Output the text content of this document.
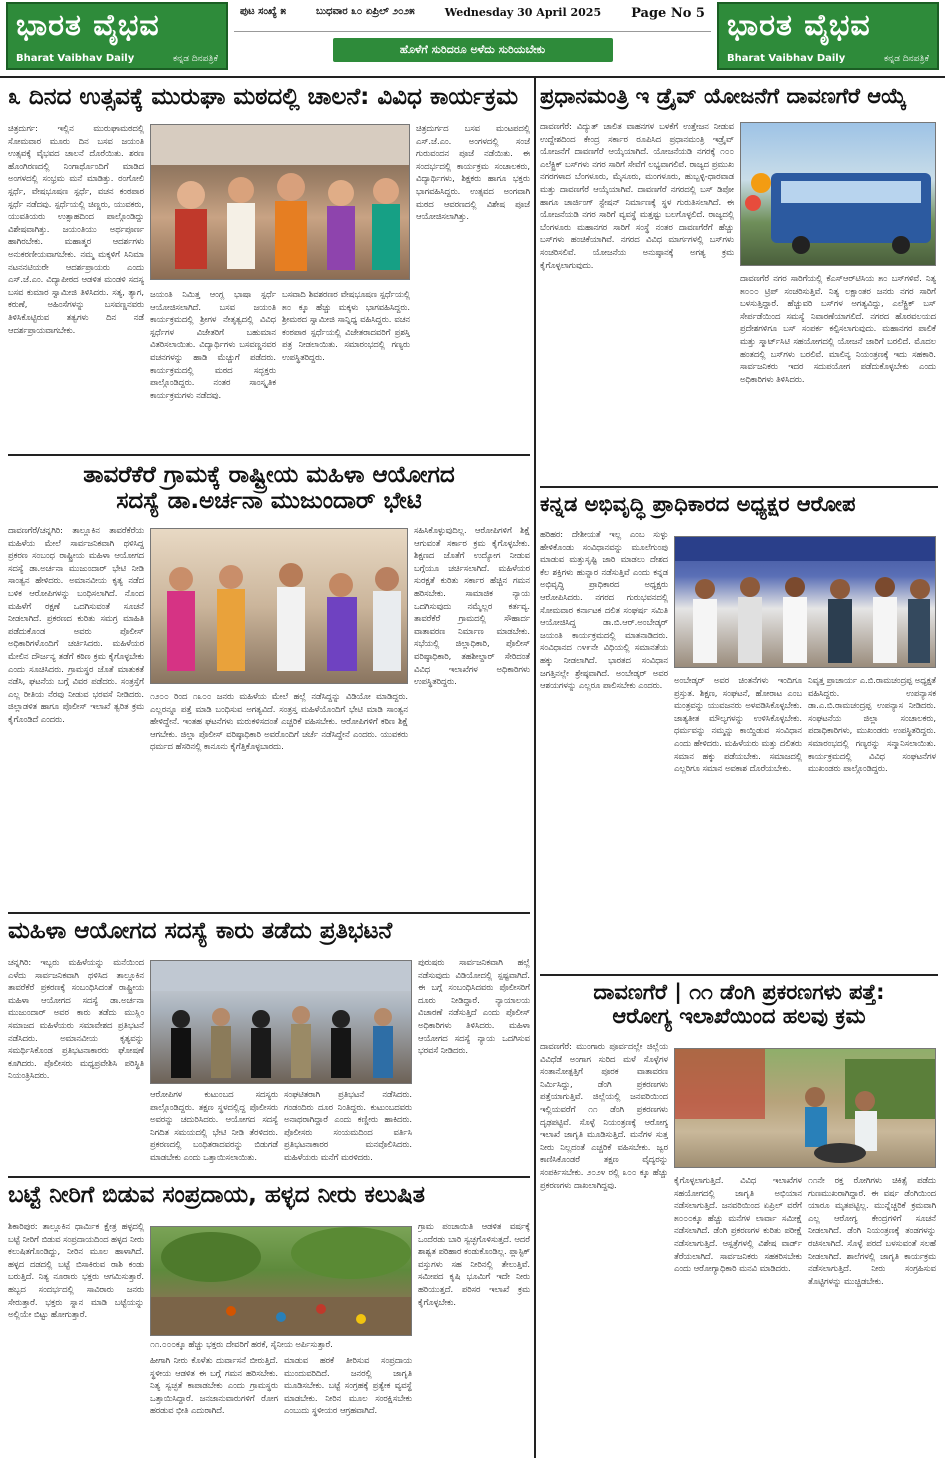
ಭಾರತ ವೈಭವ
Bharat Vaibhav Daily	ಕನ್ನಡ ದಿನಪತ್ರಿಕೆ
ಪುಟ ಸಂಖ್ಯೆ ೫	ಬುಧವಾರ ೩೦ ಏಪ್ರಿಲ್ ೨೦೨೫	Wednesday 30 April 2025 Page No 5
ಹೊಳೆಗೆ ಸುರಿದರೂ ಅಳೆದು ಸುರಿಯಬೇಕು
ಭಾರತ ವೈಭವ
Bharat Vaibhav Daily	ಕನ್ನಡ ದಿನಪತ್ರಿಕೆ
೩ ದಿನದ ಉತ್ಸವಕ್ಕೆ ಮುರುಘಾ ಮಠದಲ್ಲಿ ಚಾಲನೆ: ವಿವಿಧ ಕಾರ್ಯಕ್ರಮ
ಚಿತ್ರದುರ್ಗ: ಇಲ್ಲಿನ ಮುರುಘಾಮಠದಲ್ಲಿ ಸೋಮವಾರ ಮೂರು ದಿನ ಬಸವ ಜಯಂತಿ ಉತ್ಸವಕ್ಕೆ ವೈಭವದ ಚಾಲನೆ ದೊರೆಯಿತು. ಶರಣ ಹೊಂಗಿರಣದಲ್ಲಿ ನಿಂಗಾರ್ಥೊಂದಿಗೆ ಮಾಡಿದ ಅಂಗಳದಲ್ಲಿ ಸಂಭ್ರಮ ಮನೆ ಮಾಡಿತ್ತು. ರಂಗೋಲಿ ಸ್ಪರ್ಧೆ, ವೇಷಭೂಷಣ ಸ್ಪರ್ಧೆ, ವಚನ ಕಂಠಪಾಠ ಸ್ಪರ್ಧೆ ನಡೆದವು. ಸ್ಪರ್ಧೆಯಲ್ಲಿ ಚಿಣ್ಣರು, ಯುವಕರು, ಯುವತಿಯರು ಉತ್ಸಾಹದಿಂದ ಪಾಲ್ಗೊಂಡಿದ್ದು ವಿಶೇಷವಾಗಿತ್ತು. ಜಯಂತಿಯು ಅರ್ಥಪೂರ್ಣ ಹಾಗಿರಬೇಕು. ಮಹಾತ್ಮರ ಆದರ್ಶಗಳು ಅನುಕರಣೀಯವಾಗಬೇಕು. ನಮ್ಮ ಮಕ್ಕಳಿಗೆ ಸಿನಿಮಾ ನಟನನಟಿಯರೇ ಆದರ್ಶಪ್ರಾಯರು ಎಂದು ಎಸ್.ಜೆ.ಎಂ. ವಿದ್ಯಾಪೀಠದ ಆಡಳಿತ ಮಂಡಳಿ ಸದಸ್ಯ ಬಸವ ಕುಮಾರ ಸ್ವಾಮೀಜಿ ತಿಳಿಸಿದರು. ಸತ್ಯ, ತ್ಯಾಗ, ಕರುಣೆ, ಅಹಿಂಸೆಗಳನ್ನು ಬಸವಣ್ಣನವರು ತಿಳಿಸಿಕೊಟ್ಟಿರುವ ತತ್ವಗಳು ದಿನ ನಡೆ ಆದರ್ಶಪ್ರಾಯವಾಗಬೇಕು.
ಜಯಂತಿ ನಿಮಿತ್ತ ಆಂಗ್ಲ ಭಾಷಾ ಸ್ಪರ್ಧೆ ಆಯೋಜಿಸಲಾಗಿದೆ. ಬಸವ ಜಯಂತಿ ಕಾರ್ಯಕ್ರಮದಲ್ಲಿ ಶ್ರೀಗಳ ನೇತೃತ್ವದಲ್ಲಿ ವಿವಿಧ ಸ್ಪರ್ಧೆಗಳ ವಿಜೇತರಿಗೆ ಬಹುಮಾನ ವಿತರಿಸಲಾಯಿತು. ವಿದ್ಯಾರ್ಥಿಗಳು ಬಸವಣ್ಣನವರ ವಚನಗಳನ್ನು ಹಾಡಿ ಮೆಚ್ಚುಗೆ ಪಡೆದರು. ಕಾರ್ಯಕ್ರಮದಲ್ಲಿ ಮಠದ ಸದ್ಭಕ್ತರು ಪಾಲ್ಗೊಂಡಿದ್ದರು. ನಂತರ ಸಾಂಸ್ಕೃತಿಕ ಕಾರ್ಯಕ್ರಮಗಳು ನಡೆದವು.
ಬಸವಾದಿ ಶಿವಶರಣರ ವೇಷಭೂಷಣ ಸ್ಪರ್ಧೆಯಲ್ಲಿ ೫೦ ಕ್ಕೂ ಹೆಚ್ಚು ಮಕ್ಕಳು ಭಾಗವಹಿಸಿದ್ದರು. ಶ್ರೀಮಠದ ಸ್ವಾಮೀಜಿ ಸಾನ್ನಿಧ್ಯ ವಹಿಸಿದ್ದರು. ವಚನ ಕಂಠಪಾಠ ಸ್ಪರ್ಧೆಯಲ್ಲಿ ವಿಜೇತರಾದವರಿಗೆ ಪ್ರಶಸ್ತಿ ಪತ್ರ ನೀಡಲಾಯಿತು. ಸಮಾರಂಭದಲ್ಲಿ ಗಣ್ಯರು ಉಪಸ್ಥಿತರಿದ್ದರು.
ಚಿತ್ರದುರ್ಗದ ಬಸವ ಮಂಟಪದಲ್ಲಿ ಎಸ್.ಜೆ.ಎಂ. ಅಂಗಳದಲ್ಲಿ ಸಂಜೆ ಗುರುವಂದನ ಪೂಜೆ ನಡೆಯಿತು. ಈ ಸಂದರ್ಭದಲ್ಲಿ ಕಾರ್ಯಕ್ರಮ ಸಂಚಾಲಕರು, ವಿದ್ಯಾರ್ಥಿಗಳು, ಶಿಕ್ಷಕರು ಹಾಗೂ ಭಕ್ತರು ಭಾಗವಹಿಸಿದ್ದರು. ಉತ್ಸವದ ಅಂಗವಾಗಿ ಮಠದ ಆವರಣದಲ್ಲಿ ವಿಶೇಷ ಪೂಜೆ ಆಯೋಜಿಸಲಾಗಿತ್ತು.
ಪ್ರಧಾನಮಂತ್ರಿ ಇ ಡ್ರೈವ್ ಯೋಜನೆಗೆ ದಾವಣಗೆರೆ ಆಯ್ಕೆ
ದಾವಣಗೆರೆ: ವಿದ್ಯುತ್ ಚಾಲಿತ ವಾಹನಗಳ ಬಳಕೆಗೆ ಉತ್ತೇಜನ ನೀಡುವ ಉದ್ದೇಶದಿಂದ ಕೇಂದ್ರ ಸರ್ಕಾರ ರೂಪಿಸಿದ ಪ್ರಧಾನಮಂತ್ರಿ ಇಡ್ರೈವ್ ಯೋಜನೆಗೆ ದಾವಣಗೆರೆ ಆಯ್ಕೆಯಾಗಿದೆ. ಯೋಜನೆಯಡಿ ನಗರಕ್ಕೆ ೧೦೦ ಎಲೆಕ್ಟ್ರಿಕ್ ಬಸ್‌ಗಳು ನಗರ ಸಾರಿಗೆ ಸೇವೆಗೆ ಲಭ್ಯವಾಗಲಿವೆ. ರಾಜ್ಯದ ಪ್ರಮುಖ ನಗರಗಳಾದ ಬೆಂಗಳೂರು, ಮೈಸೂರು, ಮಂಗಳೂರು, ಹುಬ್ಬಳ್ಳಿ-ಧಾರವಾಡ ಮತ್ತು ದಾವಣಗೆರೆ ಆಯ್ಕೆಯಾಗಿವೆ. ದಾವಣಗೆರೆ ನಗರದಲ್ಲಿ ಬಸ್ ಡಿಪೋ ಹಾಗೂ ಚಾರ್ಜಿಂಗ್ ಸ್ಟೇಷನ್ ನಿರ್ಮಾಣಕ್ಕೆ ಸ್ಥಳ ಗುರುತಿಸಲಾಗಿದೆ. ಈ ಯೋಜನೆಯಡಿ ನಗರ ಸಾರಿಗೆ ವ್ಯವಸ್ಥೆ ಮತ್ತಷ್ಟು ಬಲಗೊಳ್ಳಲಿದೆ. ರಾಜ್ಯದಲ್ಲಿ ಬೆಂಗಳೂರು ಮಹಾನಗರ ಸಾರಿಗೆ ಸಂಸ್ಥೆ ನಂತರ ದಾವಣಗೆರೆಗೆ ಹೆಚ್ಚು ಬಸ್‌ಗಳು ಹಂಚಿಕೆಯಾಗಿವೆ. ನಗರದ ವಿವಿಧ ಮಾರ್ಗಗಳಲ್ಲಿ ಬಸ್‌ಗಳು ಸಂಚರಿಸಲಿವೆ. ಯೋಜನೆಯ ಅನುಷ್ಠಾನಕ್ಕೆ ಅಗತ್ಯ ಕ್ರಮ ಕೈಗೊಳ್ಳಲಾಗುವುದು.
ದಾವಣಗೆರೆ ನಗರ ಸಾರಿಗೆಯಲ್ಲಿ ಕೆಎಸ್‌ಆರ್‌ಟಿಸಿಯ ೫೦ ಬಸ್‌ಗಳಿವೆ. ನಿತ್ಯ ೫೦೦೦ ಟ್ರಿಪ್ ಸಂಚರಿಸುತ್ತಿವೆ. ನಿತ್ಯ ಲಕ್ಷಾಂತರ ಜನರು ನಗರ ಸಾರಿಗೆ ಬಳಸುತ್ತಿದ್ದಾರೆ. ಹೆಚ್ಚುವರಿ ಬಸ್‌ಗಳ ಅಗತ್ಯವಿದ್ದು, ಎಲೆಕ್ಟ್ರಿಕ್ ಬಸ್ ಸೇರ್ಪಡೆಯಿಂದ ಸಮಸ್ಯೆ ನಿವಾರಣೆಯಾಗಲಿದೆ. ನಗರದ ಹೊರವಲಯದ ಪ್ರದೇಶಗಳಿಗೂ ಬಸ್ ಸಂಪರ್ಕ ಕಲ್ಪಿಸಲಾಗುವುದು. ಮಹಾನಗರ ಪಾಲಿಕೆ ಮತ್ತು ಸ್ಮಾರ್ಟ್‌ಸಿಟಿ ಸಹಯೋಗದಲ್ಲಿ ಯೋಜನೆ ಜಾರಿಗೆ ಬರಲಿದೆ. ಮೊದಲ ಹಂತದಲ್ಲಿ ಬಸ್‌ಗಳು ಬರಲಿವೆ. ಮಾಲಿನ್ಯ ನಿಯಂತ್ರಣಕ್ಕೆ ಇದು ಸಹಕಾರಿ. ಸಾರ್ವಜನಿಕರು ಇದರ ಸದುಪಯೋಗ ಪಡೆದುಕೊಳ್ಳಬೇಕು ಎಂದು ಅಧಿಕಾರಿಗಳು ತಿಳಿಸಿದರು.
ತಾವರೆಕೆರೆ ಗ್ರಾಮಕ್ಕೆ ರಾಷ್ಟ್ರೀಯ ಮಹಿಳಾ ಆಯೋಗದ
ಸದಸ್ಯೆ ಡಾ.ಅರ್ಚನಾ ಮುಜುಂದಾರ್ ಭೇಟಿ
ದಾವಣಗೆರೆ/ಚನ್ನಗಿರಿ: ತಾಲ್ಲೂಕಿನ ತಾವರೆಕೆರೆಯ ಮಹಿಳೆಯ ಮೇಲೆ ಸಾರ್ವಜನಿಕವಾಗಿ ಥಳಿಸಿದ್ದ ಪ್ರಕರಣ ಸಂಬಂಧ ರಾಷ್ಟ್ರೀಯ ಮಹಿಳಾ ಆಯೋಗದ ಸದಸ್ಯೆ ಡಾ.ಅರ್ಚನಾ ಮುಜುಂದಾರ್ ಭೇಟಿ ನೀಡಿ ಸಾಂತ್ವನ ಹೇಳಿದರು. ಅಮಾನವೀಯ ಕೃತ್ಯ ನಡೆದ ಬಳಿಕ ಆರೋಪಿಗಳನ್ನು ಬಂಧಿಸಲಾಗಿದೆ. ನೊಂದ ಮಹಿಳೆಗೆ ರಕ್ಷಣೆ ಒದಗಿಸುವಂತೆ ಸೂಚನೆ ನೀಡಲಾಗಿದೆ. ಪ್ರಕರಣದ ಕುರಿತು ಸಮಗ್ರ ಮಾಹಿತಿ ಪಡೆದುಕೊಂಡ ಅವರು ಪೊಲೀಸ್ ಅಧಿಕಾರಿಗಳೊಂದಿಗೆ ಚರ್ಚಿಸಿದರು. ಮಹಿಳೆಯರ ಮೇಲಿನ ದೌರ್ಜನ್ಯ ತಡೆಗೆ ಕಠಿಣ ಕ್ರಮ ಕೈಗೊಳ್ಳಬೇಕು ಎಂದು ಸೂಚಿಸಿದರು. ಗ್ರಾಮಸ್ಥರ ಜೊತೆ ಮಾತುಕತೆ ನಡೆಸಿ, ಘಟನೆಯ ಬಗ್ಗೆ ವಿವರ ಪಡೆದರು. ಸಂತ್ರಸ್ತೆಗೆ ಎಲ್ಲ ರೀತಿಯ ನೆರವು ನೀಡುವ ಭರವಸೆ ನೀಡಿದರು. ಜಿಲ್ಲಾಡಳಿತ ಹಾಗೂ ಪೊಲೀಸ್ ಇಲಾಖೆ ತ್ವರಿತ ಕ್ರಮ ಕೈಗೊಂಡಿದೆ ಎಂದರು.
೧೨೦೦ ರಿಂದ ೧೩೦೦ ಜನರು ಮಹಿಳೆಯ ಮೇಲೆ ಹಲ್ಲೆ ನಡೆಸಿದ್ದನ್ನು ವಿಡಿಯೋ ಮಾಡಿದ್ದರು. ಎಲ್ಲರನ್ನೂ ಪತ್ತೆ ಮಾಡಿ ಬಂಧಿಸುವ ಅಗತ್ಯವಿದೆ. ಸಂತ್ರಸ್ತ ಮಹಿಳೆಯೊಂದಿಗೆ ಭೇಟಿ ಮಾಡಿ ಸಾಂತ್ವನ ಹೇಳಿದ್ದೇನೆ. ಇಂತಹ ಘಟನೆಗಳು ಮರುಕಳಿಸದಂತೆ ಎಚ್ಚರಿಕೆ ವಹಿಸಬೇಕು. ಆರೋಪಿಗಳಿಗೆ ಕಠಿಣ ಶಿಕ್ಷೆ ಆಗಬೇಕು. ಜಿಲ್ಲಾ ಪೊಲೀಸ್ ವರಿಷ್ಠಾಧಿಕಾರಿ ಅವರೊಂದಿಗೆ ಚರ್ಚೆ ನಡೆಸಿದ್ದೇನೆ ಎಂದರು. ಯುವಕರು ಧರ್ಮದ ಹೆಸರಿನಲ್ಲಿ ಕಾನೂನು ಕೈಗೆತ್ತಿಕೊಳ್ಳಬಾರದು.
ಸಹಿಸಿಕೊಳ್ಳುವುದಿಲ್ಲ. ಆರೋಪಿಗಳಿಗೆ ಶಿಕ್ಷೆ ಆಗುವಂತೆ ಸರ್ಕಾರ ಕ್ರಮ ಕೈಗೊಳ್ಳಬೇಕು. ಶಿಕ್ಷಣದ ಜೊತೆಗೆ ಉದ್ಯೋಗ ನೀಡುವ ಬಗ್ಗೆಯೂ ಚರ್ಚಿಸಲಾಗಿದೆ. ಮಹಿಳೆಯರ ಸುರಕ್ಷತೆ ಕುರಿತು ಸರ್ಕಾರ ಹೆಚ್ಚಿನ ಗಮನ ಹರಿಸಬೇಕು. ಸಾಮಾಜಿಕ ನ್ಯಾಯ ಒದಗಿಸುವುದು ನಮ್ಮೆಲ್ಲರ ಕರ್ತವ್ಯ. ತಾವರೆಕೆರೆ ಗ್ರಾಮದಲ್ಲಿ ಸೌಹಾರ್ದ ವಾತಾವರಣ ನಿರ್ಮಾಣ ಮಾಡಬೇಕು. ಸಭೆಯಲ್ಲಿ ಜಿಲ್ಲಾಧಿಕಾರಿ, ಪೊಲೀಸ್ ವರಿಷ್ಠಾಧಿಕಾರಿ, ತಹಶೀಲ್ದಾರ್ ಸೇರಿದಂತೆ ವಿವಿಧ ಇಲಾಖೆಗಳ ಅಧಿಕಾರಿಗಳು ಉಪಸ್ಥಿತರಿದ್ದರು.
ಕನ್ನಡ ಅಭಿವೃದ್ಧಿ ಪ್ರಾಧಿಕಾರದ ಅಧ್ಯಕ್ಷರ ಆರೋಪ
ಹರಿಹರ: ದೇಶೀಯತೆ ಇಲ್ಲ ಎಂಬ ಸುಳ್ಳು ಹೇಳಿಕೊಂಡು ಸಂವಿಧಾನವನ್ನು ಮೂಲೆಗುಂಪು ಮಾಡುವ ಮತ್ತುಸೃಷ್ಟಿ ಜಾರಿ ಮಾಡಲು ದೇಶದ ಕೆಲ ಶಕ್ತಿಗಳು ಹುನ್ನಾರ ನಡೆಸುತ್ತಿವೆ ಎಂದು ಕನ್ನಡ ಅಭಿವೃದ್ಧಿ ಪ್ರಾಧಿಕಾರದ ಅಧ್ಯಕ್ಷರು ಆರೋಪಿಸಿದರು. ನಗರದ ಗುರುಭವನದಲ್ಲಿ ಸೋಮವಾರ ಕರ್ನಾಟಕ ದಲಿತ ಸಂಘರ್ಷ ಸಮಿತಿ ಆಯೋಜಿಸಿದ್ದ ಡಾ.ಬಿ.ಆರ್.ಅಂಬೇಡ್ಕರ್ ಜಯಂತಿ ಕಾರ್ಯಕ್ರಮದಲ್ಲಿ ಮಾತನಾಡಿದರು. ಸಂವಿಧಾನದ ೧೪೯ನೇ ವಿಧಿಯಲ್ಲಿ ಸಮಾನತೆಯ ಹಕ್ಕು ನೀಡಲಾಗಿದೆ. ಭಾರತದ ಸಂವಿಧಾನ ಜಗತ್ತಿನಲ್ಲೇ ಶ್ರೇಷ್ಠವಾಗಿದೆ. ಅಂಬೇಡ್ಕರ್ ಅವರ ಆಶಯಗಳನ್ನು ಎಲ್ಲರೂ ಪಾಲಿಸಬೇಕು ಎಂದರು.
ಅಂಬೇಡ್ಕರ್ ಅವರ ಚಿಂತನೆಗಳು ಇಂದಿಗೂ ಪ್ರಸ್ತುತ. ಶಿಕ್ಷಣ, ಸಂಘಟನೆ, ಹೋರಾಟ ಎಂಬ ಮಂತ್ರವನ್ನು ಯುವಜನರು ಅಳವಡಿಸಿಕೊಳ್ಳಬೇಕು. ಜಾತ್ಯತೀತ ಮೌಲ್ಯಗಳನ್ನು ಉಳಿಸಿಕೊಳ್ಳಬೇಕು. ಧರ್ಮವನ್ನು ನಮ್ಮನ್ನು ಕಾಯ್ದಿಡುವ ಸಂವಿಧಾನ ಎಂದು ಹೇಳಿದರು. ಮಹಿಳೆಯರು ಮತ್ತು ದಲಿತರು ಸಮಾನ ಹಕ್ಕು ಪಡೆಯಬೇಕು. ಸಮಾಜದಲ್ಲಿ ಎಲ್ಲರಿಗೂ ಸಮಾನ ಅವಕಾಶ ದೊರೆಯಬೇಕು.
ನಿವೃತ್ತ ಪ್ರಾಚಾರ್ಯ ಎ.ಬಿ.ರಾಮಚಂದ್ರಪ್ಪ ಅಧ್ಯಕ್ಷತೆ ವಹಿಸಿದ್ದರು. ಉಪನ್ಯಾಸಕ ಡಾ.ಎ.ಬಿ.ರಾಮಚಂದ್ರಪ್ಪ ಉಪನ್ಯಾಸ ನೀಡಿದರು. ಸಂಘಟನೆಯ ಜಿಲ್ಲಾ ಸಂಚಾಲಕರು, ಪದಾಧಿಕಾರಿಗಳು, ಮುಖಂಡರು ಉಪಸ್ಥಿತರಿದ್ದರು. ಸಮಾರಂಭದಲ್ಲಿ ಗಣ್ಯರನ್ನು ಸನ್ಮಾನಿಸಲಾಯಿತು. ಕಾರ್ಯಕ್ರಮದಲ್ಲಿ ವಿವಿಧ ಸಂಘಟನೆಗಳ ಮುಖಂಡರು ಪಾಲ್ಗೊಂಡಿದ್ದರು.
ಮಹಿಳಾ ಆಯೋಗದ ಸದಸ್ಯೆ ಕಾರು ತಡೆದು ಪ್ರತಿಭಟನೆ
ಚನ್ನಗಿರಿ: ಇಬ್ಬರು ಮಹಿಳೆಯನ್ನು ಮನೆಯಿಂದ ಎಳೆದು ಸಾರ್ವಜನಿಕವಾಗಿ ಥಳಿಸಿದ ತಾಲ್ಲೂಕಿನ ತಾವರೆಕೆರೆ ಪ್ರಕರಣಕ್ಕೆ ಸಂಬಂಧಿಸಿದಂತೆ ರಾಷ್ಟ್ರೀಯ ಮಹಿಳಾ ಆಯೋಗದ ಸದಸ್ಯೆ ಡಾ.ಅರ್ಚನಾ ಮುಜುಂದಾರ್ ಅವರ ಕಾರು ತಡೆದು ಮುಸ್ಲಿಂ ಸಮಾಜದ ಮಹಿಳೆಯರು ಸಮಾವೇಶದ ಪ್ರತಿಭಟನೆ ನಡೆಸಿದರು. ಅಮಾನವೀಯ ಕೃತ್ಯವನ್ನು ಸಮರ್ಥಿಸಿಕೊಂಡ ಪ್ರತಿಭಟನಾಕಾರರು ಘೋಷಣೆ ಕೂಗಿದರು. ಪೊಲೀಸರು ಮಧ್ಯಪ್ರವೇಶಿಸಿ ಪರಿಸ್ಥಿತಿ ನಿಯಂತ್ರಿಸಿದರು.
ಆರೋಪಿಗಳ ಕುಟುಂಬದ ಸದಸ್ಯರು ಪಾಲ್ಗೊಂಡಿದ್ದರು. ತಕ್ಷಣ ಸ್ಥಳದಲ್ಲಿದ್ದ ಪೊಲೀಸರು ಅವರನ್ನು ಚದುರಿಸಿದರು. ಆಯೋಗದ ಸದಸ್ಯೆ ನಿಗದಿತ ಸಮಯದಲ್ಲಿ ಭೇಟಿ ನೀಡಿ ತೆರಳಿದರು. ಪ್ರಕರಣದಲ್ಲಿ ಬಂಧಿತರಾದವರನ್ನು ಬಿಡುಗಡೆ ಮಾಡಬೇಕು ಎಂದು ಒತ್ತಾಯಿಸಲಾಯಿತು.
ಸಂಘಟಿತರಾಗಿ ಪ್ರತಿಭಟನೆ ನಡೆಸಿದರು. ಗಂಡಂದಿರು ದೂರ ನಿಂತಿದ್ದರು. ಕುಟುಂಬದವರು ಅನಾಥರಾಗಿದ್ದಾರೆ ಎಂದು ಕಣ್ಣೀರು ಹಾಕಿದರು. ಪೊಲೀಸರು ಸಂಯಮದಿಂದ ವರ್ತಿಸಿ ಪ್ರತಿಭಟನಾಕಾರರ ಮನವೊಲಿಸಿದರು. ಮಹಿಳೆಯರು ಮನೆಗೆ ಮರಳಿದರು.
ಪುರುಷರು ಸಾರ್ವಜನಿಕವಾಗಿ ಹಲ್ಲೆ ನಡೆಸುವುದು ವಿಡಿಯೋದಲ್ಲಿ ಸ್ಪಷ್ಟವಾಗಿದೆ. ಈ ಬಗ್ಗೆ ಸಂಬಂಧಿಸಿದವರು ಪೊಲೀಸರಿಗೆ ದೂರು ನೀಡಿದ್ದಾರೆ. ನ್ಯಾಯಾಲಯ ವಿಚಾರಣೆ ನಡೆಸುತ್ತಿದೆ ಎಂದು ಪೊಲೀಸ್ ಅಧಿಕಾರಿಗಳು ತಿಳಿಸಿದರು. ಮಹಿಳಾ ಆಯೋಗದ ಸದಸ್ಯೆ ನ್ಯಾಯ ಒದಗಿಸುವ ಭರವಸೆ ನೀಡಿದರು.
ದಾವಣಗೆರೆ | ೧೧ ಡೆಂಗಿ ಪ್ರಕರಣಗಳು ಪತ್ತೆ:
ಆರೋಗ್ಯ ಇಲಾಖೆಯಿಂದ ಹಲವು ಕ್ರಮ
ದಾವಣಗೆರೆ: ಮುಂಗಾರು ಪೂರ್ವದಲ್ಲೇ ಜಿಲ್ಲೆಯ ವಿವಿಧೆಡೆ ಅಂಗಾಗ ಸುರಿದ ಮಳೆ ಸೊಳ್ಳೆಗಳ ಸಂತಾನೋತ್ಪತ್ತಿಗೆ ಪೂರಕ ವಾತಾವರಣ ನಿರ್ಮಿಸಿದ್ದು, ಡೆಂಗಿ ಪ್ರಕರಣಗಳು ಪತ್ತೆಯಾಗುತ್ತಿವೆ. ಜಿಲ್ಲೆಯಲ್ಲಿ ಜನವರಿಯಿಂದ ಇಲ್ಲಿಯವರೆಗೆ ೧೧ ಡೆಂಗಿ ಪ್ರಕರಣಗಳು ದೃಢಪಟ್ಟಿವೆ. ಸೊಳ್ಳೆ ನಿಯಂತ್ರಣಕ್ಕೆ ಆರೋಗ್ಯ ಇಲಾಖೆ ಜಾಗೃತಿ ಮೂಡಿಸುತ್ತಿದೆ. ಮನೆಗಳ ಸುತ್ತ ನೀರು ನಿಲ್ಲದಂತೆ ಎಚ್ಚರಿಕೆ ವಹಿಸಬೇಕು. ಜ್ವರ ಕಾಣಿಸಿಕೊಂಡರೆ ತಕ್ಷಣ ವೈದ್ಯರನ್ನು ಸಂಪರ್ಕಿಸಬೇಕು. ೨೦೨೪ ರಲ್ಲಿ ೩೦೦ ಕ್ಕೂ ಹೆಚ್ಚು ಪ್ರಕರಣಗಳು ದಾಖಲಾಗಿದ್ದವು.	ಕೈಗೊಳ್ಳಲಾಗುತ್ತಿದೆ. ವಿವಿಧ ಇಲಾಖೆಗಳ ಸಹಯೋಗದಲ್ಲಿ ಜಾಗೃತಿ ಅಭಿಯಾನ ನಡೆಸಲಾಗುತ್ತಿದೆ. ಜನವರಿಯಿಂದ ಏಪ್ರಿಲ್ ವರೆಗೆ ೫೦೦೦ಕ್ಕೂ ಹೆಚ್ಚು ಮನೆಗಳ ಲಾರ್ವಾ ಸಮೀಕ್ಷೆ ನಡೆಸಲಾಗಿದೆ. ಡೆಂಗಿ ಪ್ರಕರಣಗಳ ಕುರಿತು ಪರೀಕ್ಷೆ ನಡೆಸಲಾಗುತ್ತಿದೆ. ಆಸ್ಪತ್ರೆಗಳಲ್ಲಿ ವಿಶೇಷ ವಾರ್ಡ್ ತೆರೆಯಲಾಗಿದೆ. ಸಾರ್ವಜನಿಕರು ಸಹಕರಿಸಬೇಕು ಎಂದು ಆರೋಗ್ಯಾಧಿಕಾರಿ ಮನವಿ ಮಾಡಿದರು.
೧೧ನೇ ರಕ್ತ ರೋಗಿಗಳು ಚಿಕಿತ್ಸೆ ಪಡೆದು ಗುಣಮುಖರಾಗಿದ್ದಾರೆ. ಈ ವರ್ಷ ಡೆಂಗಿಯಿಂದ ಯಾರೂ ಮೃತಪಟ್ಟಿಲ್ಲ. ಮುನ್ನೆಚ್ಚರಿಕೆ ಕ್ರಮವಾಗಿ ಎಲ್ಲ ಆರೋಗ್ಯ ಕೇಂದ್ರಗಳಿಗೆ ಸೂಚನೆ ನೀಡಲಾಗಿದೆ. ಡೆಂಗಿ ನಿಯಂತ್ರಣಕ್ಕೆ ತಂಡಗಳನ್ನು ರಚಿಸಲಾಗಿದೆ. ಸೊಳ್ಳೆ ಪರದೆ ಬಳಸುವಂತೆ ಸಲಹೆ ನೀಡಲಾಗಿದೆ. ಶಾಲೆಗಳಲ್ಲಿ ಜಾಗೃತಿ ಕಾರ್ಯಕ್ರಮ ನಡೆಸಲಾಗುತ್ತಿದೆ. ನೀರು ಸಂಗ್ರಹಿಸುವ ತೊಟ್ಟಿಗಳನ್ನು ಮುಚ್ಚಿಡಬೇಕು.
ಬಟ್ಟೆ ನೀರಿಗೆ ಬಿಡುವ ಸಂಪ್ರದಾಯ, ಹಳ್ಳದ ನೀರು ಕಲುಷಿತ
ಶಿಕಾರಿಪುರ: ತಾಲ್ಲೂಕಿನ ಧಾರ್ಮಿಕ ಕ್ಷೇತ್ರ ಹಳ್ಳದಲ್ಲಿ ಬಟ್ಟೆ ನೀರಿಗೆ ಬಿಡುವ ಸಂಪ್ರದಾಯದಿಂದ ಹಳ್ಳದ ನೀರು ಕಲುಷಿತಗೊಂಡಿದ್ದು, ನೀರಿನ ಮೂಲ ಹಾಳಾಗಿದೆ. ಹಳ್ಳದ ದಡದಲ್ಲಿ ಬಟ್ಟೆ ಬಿಸಾಕಿರುವ ರಾಶಿ ಕಂಡು ಬರುತ್ತಿದೆ. ನಿತ್ಯ ನೂರಾರು ಭಕ್ತರು ಆಗಮಿಸುತ್ತಾರೆ. ಹಬ್ಬದ ಸಂದರ್ಭದಲ್ಲಿ ಸಾವಿರಾರು ಜನರು ಸೇರುತ್ತಾರೆ. ಭಕ್ತರು ಸ್ನಾನ ಮಾಡಿ ಬಟ್ಟೆಯನ್ನು ಅಲ್ಲಿಯೇ ಬಿಟ್ಟು ಹೋಗುತ್ತಾರೆ.
೧೧.೦೦೦ಕ್ಕೂ ಹೆಚ್ಚು ಭಕ್ತರು ದೇವರಿಗೆ ಹರಕೆ, ಸೈನೀಯ ಅರ್ಪಿಸುತ್ತಾರೆ.
ಹೀಗಾಗಿ ನೀರು ಕೊಳೆತು ದುರ್ವಾಸನೆ ಬೀರುತ್ತಿದೆ. ಸ್ಥಳೀಯ ಆಡಳಿತ ಈ ಬಗ್ಗೆ ಗಮನ ಹರಿಸಬೇಕು. ನಿತ್ಯ ಸ್ವಚ್ಛತೆ ಕಾಪಾಡಬೇಕು ಎಂದು ಗ್ರಾಮಸ್ಥರು ಒತ್ತಾಯಿಸಿದ್ದಾರೆ. ಜನಜಾನುವಾರುಗಳಿಗೆ ರೋಗ ಹರಡುವ ಭೀತಿ ಎದುರಾಗಿದೆ.
ಮಾಡುವ ಹರಕೆ ತೀರಿಸುವ ಸಂಪ್ರದಾಯ ಮುಂದುವರಿದಿದೆ. ಜನರಲ್ಲಿ ಜಾಗೃತಿ ಮೂಡಿಸಬೇಕು. ಬಟ್ಟೆ ಸಂಗ್ರಹಕ್ಕೆ ಪ್ರತ್ಯೇಕ ವ್ಯವಸ್ಥೆ ಮಾಡಬೇಕು. ನೀರಿನ ಮೂಲ ಸಂರಕ್ಷಿಸಬೇಕು ಎಂಬುದು ಸ್ಥಳೀಯರ ಆಗ್ರಹವಾಗಿದೆ.
ಗ್ರಾಮ ಪಂಚಾಯಿತಿ ಆಡಳಿತ ವರ್ಷಕ್ಕೆ ಒಂದೆರಡು ಬಾರಿ ಸ್ವಚ್ಛಗೊಳಿಸುತ್ತದೆ. ಆದರೆ ಶಾಶ್ವತ ಪರಿಹಾರ ಕಂಡುಕೊಂಡಿಲ್ಲ. ಪ್ಲಾಸ್ಟಿಕ್ ವಸ್ತುಗಳು ಸಹ ನೀರಿನಲ್ಲಿ ತೇಲುತ್ತಿವೆ. ಸಮೀಪದ ಕೃಷಿ ಭೂಮಿಗೆ ಇದೇ ನೀರು ಹರಿಯುತ್ತದೆ. ಪರಿಸರ ಇಲಾಖೆ ಕ್ರಮ ಕೈಗೊಳ್ಳಬೇಕು.
